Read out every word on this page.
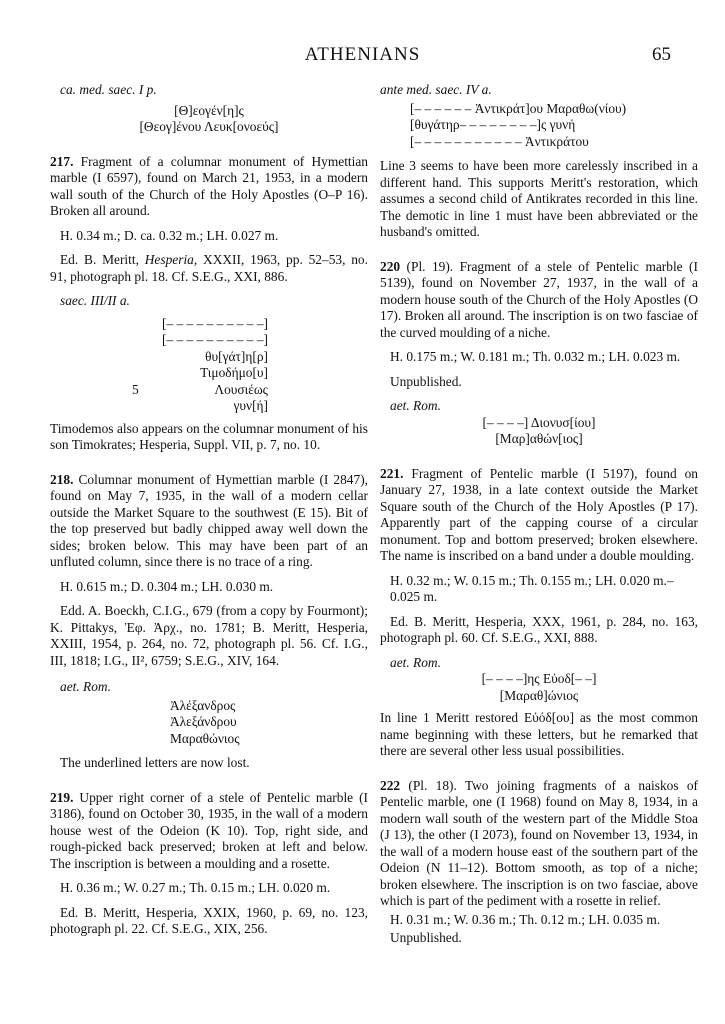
ATHENIANS	65

ca. med. saec. I p.

[Θ]εογέν[η]ς
[Θεογ]ένου Λευκ[ονοεύς]

217. Fragment of a columnar monument of Hymettian marble (I 6597), found on March 21, 1953, in a modern wall south of the Church of the Holy Apostles (O–P 16). Broken all around.

H. 0.34 m.; D. ca. 0.32 m.; LH. 0.027 m.

Ed. B. Meritt, Hesperia, XXXII, 1963, pp. 52–53, no. 91, photograph pl. 18. Cf. S.E.G., XXI, 886.

saec. III/II a.

[– – – – – – – – – –]
[– – – – – – – – – –]
θυ[γάτ]η[ρ]
Τιμοδήμο[υ]
Λουσιέως
γυν[ή]
5

Timodemos also appears on the columnar monument of his son Timokrates; Hesperia, Suppl. VII, p. 7, no. 10.

218. Columnar monument of Hymettian marble (I 2847), found on May 7, 1935, in the wall of a modern cellar outside the Market Square to the southwest (E 15). Bit of the top preserved but badly chipped away well down the sides; broken below. This may have been part of an unfluted column, since there is no trace of a ring.

H. 0.615 m.; D. 0.304 m.; LH. 0.030 m.

Edd. A. Boeckh, C.I.G., 679 (from a copy by Fourmont); K. Pittakys, Ἐφ. Ἀρχ., no. 1781; B. Meritt, Hesperia, XXIII, 1954, p. 264, no. 72, photograph pl. 56. Cf. I.G., III, 1818; I.G., II², 6759; S.E.G., XIV, 164.

aet. Rom.

Ἀλέξανδρος
Ἀλεξάνδρου
Μαραθώνιος

The underlined letters are now lost.

219. Upper right corner of a stele of Pentelic marble (I 3186), found on October 30, 1935, in the wall of a modern house west of the Odeion (K 10). Top, right side, and rough-picked back preserved; broken at left and below. The inscription is between a moulding and a rosette.

H. 0.36 m.; W. 0.27 m.; Th. 0.15 m.; LH. 0.020 m.

Ed. B. Meritt, Hesperia, XXIX, 1960, p. 69, no. 123, photograph pl. 22. Cf. S.E.G., XIX, 256.

ante med. saec. IV a.

[– – – – – – Ἀντικράτ]ου Μαραθω(νίου)
[θυγάτηρ– – – – – – – –]ς γυνή
[– – – – – – – – – – – Ἀντικράτου

Line 3 seems to have been more carelessly inscribed in a different hand. This supports Meritt's restoration, which assumes a second child of Antikrates recorded in this line. The demotic in line 1 must have been abbreviated or the husband's omitted.

220 (Pl. 19). Fragment of a stele of Pentelic marble (I 5139), found on November 27, 1937, in the wall of a modern house south of the Church of the Holy Apostles (O 17). Broken all around. The inscription is on two fasciae of the curved moulding of a niche.

H. 0.175 m.; W. 0.181 m.; Th. 0.032 m.; LH. 0.023 m.

Unpublished.

aet. Rom.

[– – – –] Διονυσ[ίου]
[Μαρ]αθών[ιος]

221. Fragment of Pentelic marble (I 5197), found on January 27, 1938, in a late context outside the Market Square south of the Church of the Holy Apostles (P 17). Apparently part of the capping course of a circular monument. Top and bottom preserved; broken elsewhere. The name is inscribed on a band under a double moulding.

H. 0.32 m.; W. 0.15 m.; Th. 0.155 m.; LH. 0.020 m.– 0.025 m.

Ed. B. Meritt, Hesperia, XXX, 1961, p. 284, no. 163, photograph pl. 60. Cf. S.E.G., XXI, 888.

aet. Rom.

[– – – –]ης Εὐοδ[– –]
[Μαραθ]ώνιος

In line 1 Meritt restored Εὐόδ[ου] as the most common name beginning with these letters, but he remarked that there are several other less usual possibilities.

222 (Pl. 18). Two joining fragments of a naiskos of Pentelic marble, one (I 1968) found on May 8, 1934, in a modern wall south of the western part of the Middle Stoa (J 13), the other (I 2073), found on November 13, 1934, in the wall of a modern house east of the southern part of the Odeion (N 11–12). Bottom smooth, as top of a niche; broken elsewhere. The inscription is on two fasciae, above which is part of the pediment with a rosette in relief.

H. 0.31 m.; W. 0.36 m.; Th. 0.12 m.; LH. 0.035 m.

Unpublished.
